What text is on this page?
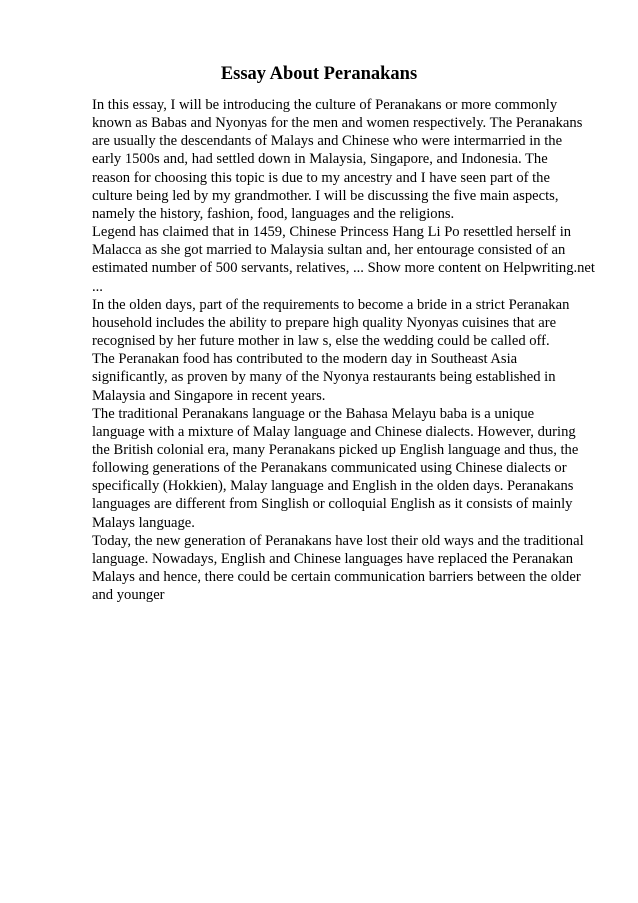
Essay About Peranakans
In this essay, I will be introducing the culture of Peranakans or more commonly
known as Babas and Nyonyas for the men and women respectively. The Peranakans
are usually the descendants of Malays and Chinese who were intermarried in the
early 1500s and, had settled down in Malaysia, Singapore, and Indonesia. The
reason for choosing this topic is due to my ancestry and I have seen part of the
culture being led by my grandmother. I will be discussing the five main aspects,
namely the history, fashion, food, languages and the religions.
Legend has claimed that in 1459, Chinese Princess Hang Li Po resettled herself in
Malacca as she got married to Malaysia sultan and, her entourage consisted of an
estimated number of 500 servants, relatives, ... Show more content on Helpwriting.net
...
In the olden days, part of the requirements to become a bride in a strict Peranakan
household includes the ability to prepare high quality Nyonyas cuisines that are
recognised by her future mother in law s, else the wedding could be called off.
The Peranakan food has contributed to the modern day in Southeast Asia
significantly, as proven by many of the Nyonya restaurants being established in
Malaysia and Singapore in recent years.
The traditional Peranakans language or the Bahasa Melayu baba is a unique
language with a mixture of Malay language and Chinese dialects. However, during
the British colonial era, many Peranakans picked up English language and thus, the
following generations of the Peranakans communicated using Chinese dialects or
specifically (Hokkien), Malay language and English in the olden days. Peranakans
languages are different from Singlish or colloquial English as it consists of mainly
Malays language.
Today, the new generation of Peranakans have lost their old ways and the traditional
language. Nowadays, English and Chinese languages have replaced the Peranakan
Malays and hence, there could be certain communication barriers between the older
and younger
